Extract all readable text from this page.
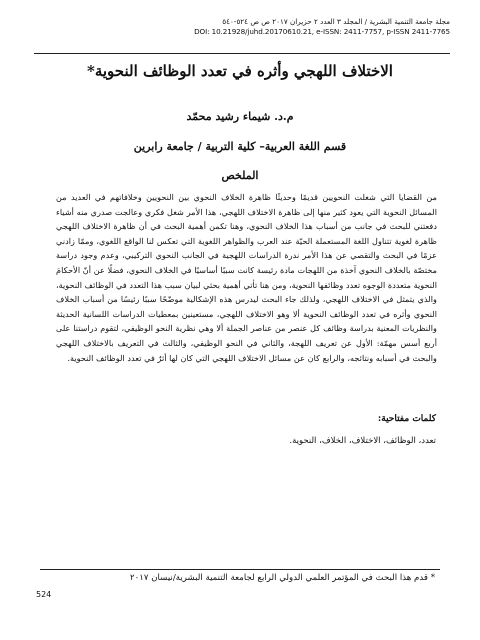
مجلة جامعة التنمية البشرية / المجلد ٣ العدد ٢ حزيران ٢٠١٧ ص ص ٥٢٤-٥٤٠
DOI: 10.21928/juhd.20170610.21, e-ISSN: 2411-7757, p-ISSN 2411-7765
الاختلاف اللهجي وأثره في تعدد الوظائف النحوية*
م.د. شيماء رشيد محمّد
قسم اللغة العربية– كلية التربية / جامعة رابرين
الملخص
من القضايا التي شغلت النحويين قديمًا وحديثًا ظاهرة الخلاف النحوي بين النحويين وخلافاتهم في العديد من المسائل النحوية التي يعود كثير منها إلى ظاهرة الاختلاف اللهجي، هذا الأمر شغل فكري وعالجت صدري منه أشياء دفعتني للبحث في جانب من أسباب هذا الخلاف النحوي، وهنا تكمن أهمية البحث في أن ظاهرة الاختلاف اللهجي ظاهرة لغوية تتناول اللغة المستعملة الحيّة عند العرب والظواهر اللغوية التي تعكس لنا الواقع اللغوي، وممّا زادني عزمًا في البحث والتقصي عن هذا الأمر ندرة الدراسات اللهجية في الجانب النحوي التركيبي، وعدم وجود دراسة مختصّة بالخلاف النحوي آخذة من اللهجات مادة رئيسة كانت سببًا أساسيًا في الخلاف النحوي، فضلًا عن أنّ الأحكامَ النحوية متعددة الوجوه تعدد وظائفها النحوية، ومن هنا تأتي أهمية بحثي لبيان سبب هذا التعدد في الوظائف النحوية، والذي يتمثل في الاختلاف اللهجي، ولذلك جاء البحث ليدرس هذه الإشكالية موضّحًا سببًا رئيسًا من أسباب الخلاف النحوي وأثره في تعدد الوظائف النحوية ألا وهو الاختلاف اللهجي، مستعينين بمعطيات الدراسات اللسانية الحديثة والنظريات المعنية بدراسة وظائف كل عنصر من عناصر الجملة ألا وهي نظرية النحو الوظيفي، لتقوم دراستنا على أربع أسس مهمّة: الأول عن تعريف اللهجة، والثاني في النحو الوظيفي، والثالث في التعريف بالاختلاف اللهجي والبحث في أسبابه ونتائجه، والرابع كان عن مسائل الاختلاف اللهجي التي كان لها أثرٌ في تعدد الوظائف النحوية.
كلمات مفتاحية:
تعدد، الوظائف، الاختلاف، الخلاف، النحوية.
* قدم هذا البحث في المؤتمر العلمي الدولي الرابع لجامعة التنمية البشرية/نيسان ٢٠١٧
524
